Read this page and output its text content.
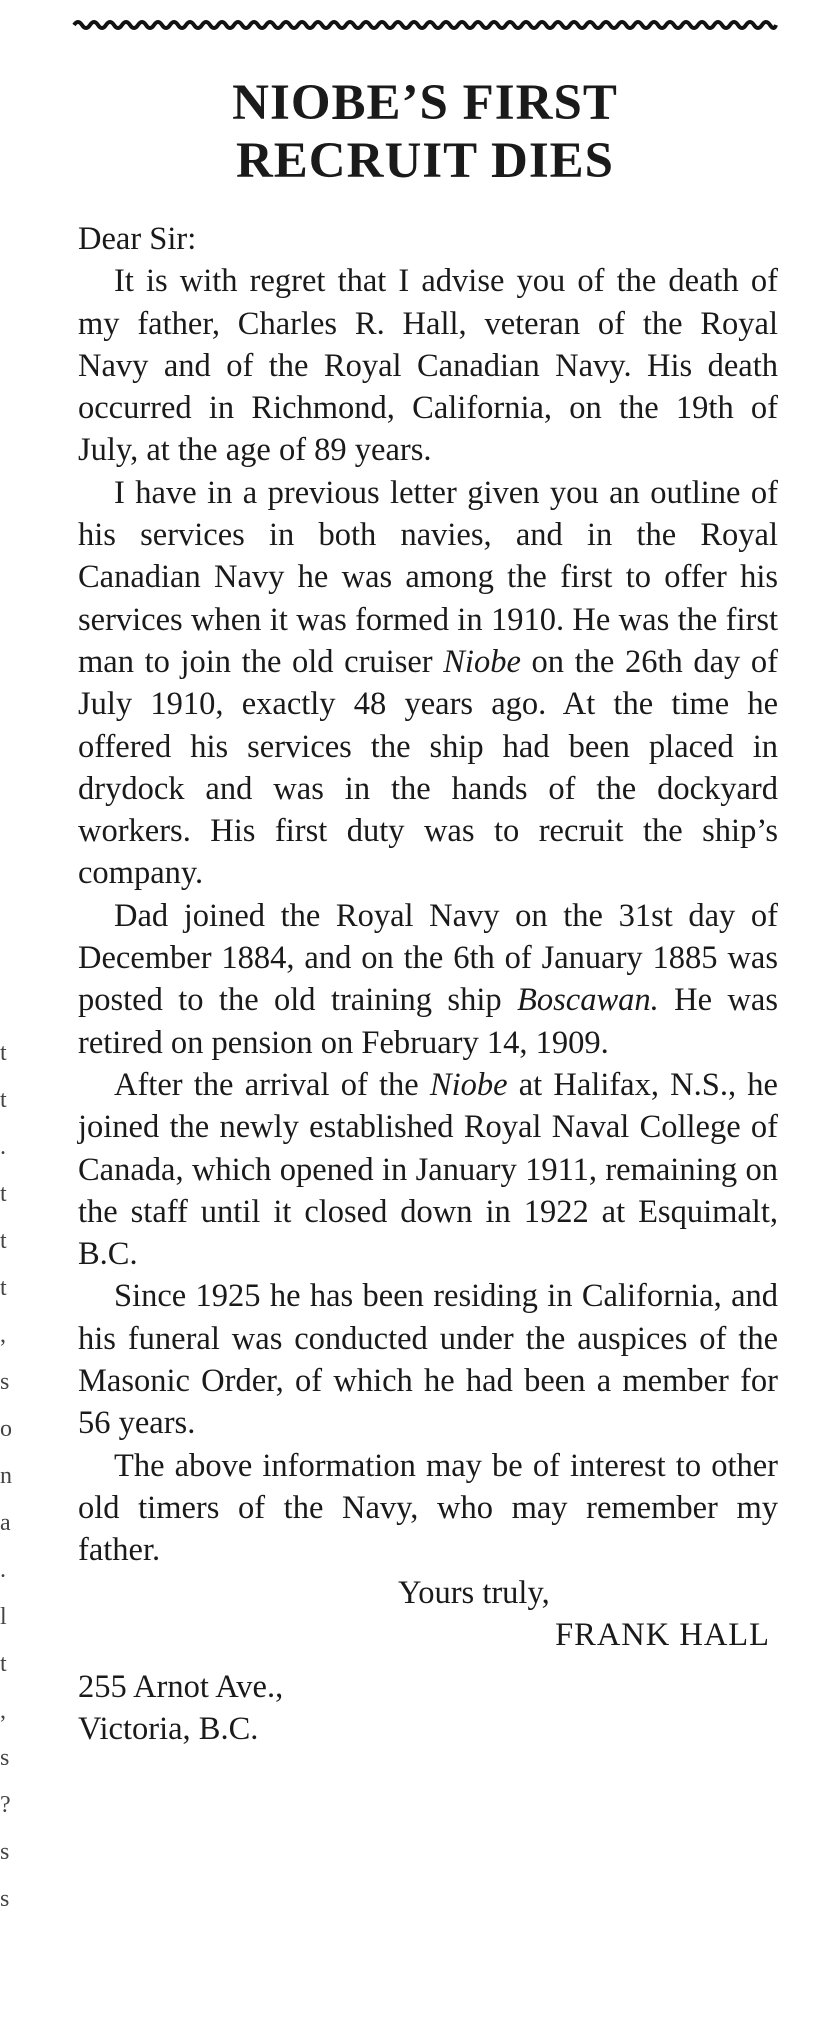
NIOBE’S FIRST
RECRUIT DIES

Dear Sir:

It is with regret that I advise you of the death of my father, Charles R. Hall, veteran of the Royal Navy and of the Royal Canadian Navy. His death occurred in Richmond, California, on the 19th of July, at the age of 89 years.

I have in a previous letter given you an outline of his services in both navies, and in the Royal Canadian Navy he was among the first to offer his services when it was formed in 1910. He was the first man to join the old cruiser Niobe on the 26th day of July 1910, exactly 48 years ago. At the time he offered his services the ship had been placed in drydock and was in the hands of the dockyard workers. His first duty was to recruit the ship’s company.

Dad joined the Royal Navy on the 31st day of December 1884, and on the 6th of January 1885 was posted to the old training ship Boscawan. He was retired on pension on February 14, 1909.

After the arrival of the Niobe at Halifax, N.S., he joined the newly established Royal Naval College of Canada, which opened in January 1911, remaining on the staff until it closed down in 1922 at Esquimalt, B.C.

Since 1925 he has been residing in California, and his funeral was conducted under the auspices of the Masonic Order, of which he had been a member for 56 years.

The above information may be of interest to other old timers of the Navy, who may remember my father.

Yours truly,

FRANK HALL

255 Arnot Ave.,
Victoria, B.C.
t
t
.
t
t
t
,
s
o
n
a
.
l
t
,
s
?
s
s
